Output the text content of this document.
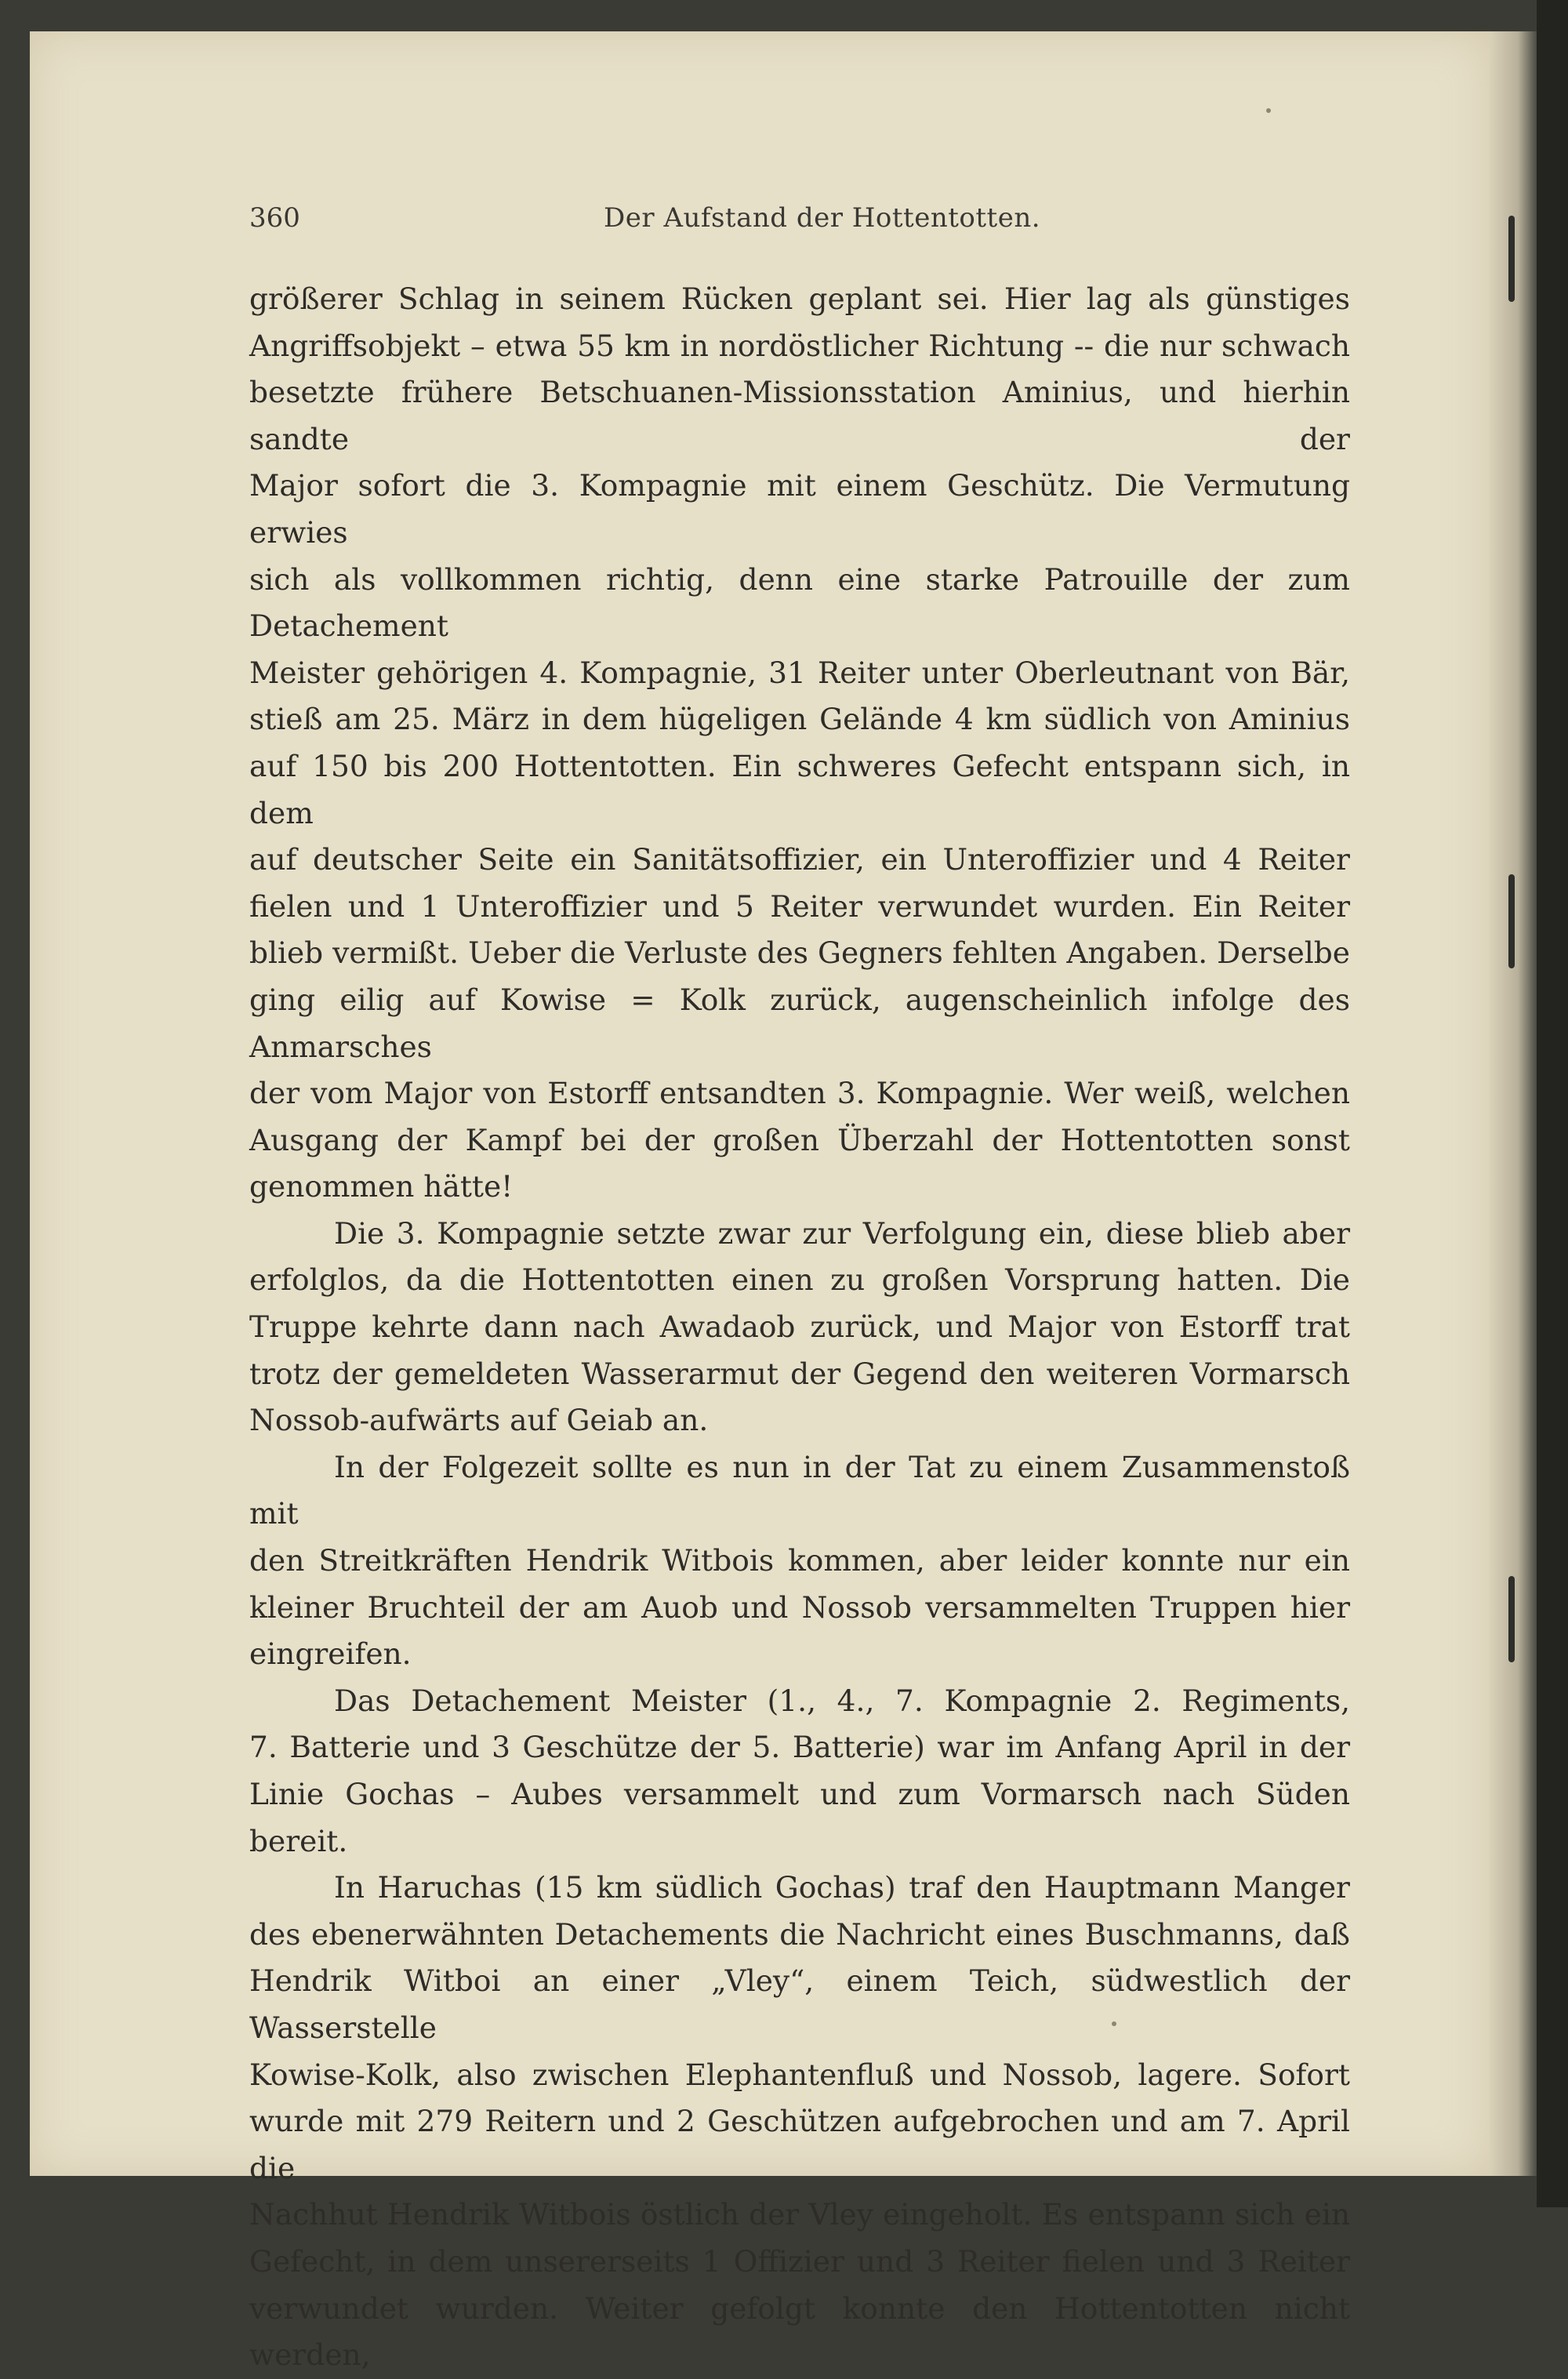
360	Der Aufstand der Hottentotten.

größerer Schlag in seinem Rücken geplant sei. Hier lag als günstiges

Angriffsobjekt – etwa 55 km in nordöstlicher Richtung -- die nur schwach

besetzte frühere Betschuanen-Missionsstation Aminius, und hierhin sandte der

Major sofort die 3. Kompagnie mit einem Geschütz. Die Vermutung erwies

sich als vollkommen richtig, denn eine starke Patrouille der zum Detachement

Meister gehörigen 4. Kompagnie, 31 Reiter unter Oberleutnant von Bär,

stieß am 25. März in dem hügeligen Gelände 4 km südlich von Aminius

auf 150 bis 200 Hottentotten. Ein schweres Gefecht entspann sich, in dem

auf deutscher Seite ein Sanitätsoffizier, ein Unteroffizier und 4 Reiter

fielen und 1 Unteroffizier und 5 Reiter verwundet wurden. Ein Reiter

blieb vermißt. Ueber die Verluste des Gegners fehlten Angaben. Derselbe

ging eilig auf Kowise = Kolk zurück, augenscheinlich infolge des Anmarsches

der vom Major von Estorff entsandten 3. Kompagnie. Wer weiß, welchen

Ausgang der Kampf bei der großen Überzahl der Hottentotten sonst

genommen hätte!

Die 3. Kompagnie setzte zwar zur Verfolgung ein, diese blieb aber

erfolglos, da die Hottentotten einen zu großen Vorsprung hatten. Die

Truppe kehrte dann nach Awadaob zurück, und Major von Estorff trat

trotz der gemeldeten Wasserarmut der Gegend den weiteren Vormarsch

Nossob-aufwärts auf Geiab an.

In der Folgezeit sollte es nun in der Tat zu einem Zusammenstoß mit

den Streitkräften Hendrik Witbois kommen, aber leider konnte nur ein

kleiner Bruchteil der am Auob und Nossob versammelten Truppen hier

eingreifen.

Das Detachement Meister (1., 4., 7. Kompagnie 2. Regiments,

7. Batterie und 3 Geschütze der 5. Batterie) war im Anfang April in der

Linie Gochas – Aubes versammelt und zum Vormarsch nach Süden bereit.

In Haruchas (15 km südlich Gochas) traf den Hauptmann Manger

des ebenerwähnten Detachements die Nachricht eines Buschmanns, daß

Hendrik Witboi an einer „Vley“, einem Teich, südwestlich der Wasserstelle

Kowise-Kolk, also zwischen Elephantenfluß und Nossob, lagere. Sofort

wurde mit 279 Reitern und 2 Geschützen aufgebrochen und am 7. April die

Nachhut Hendrik Witbois östlich der Vley eingeholt. Es entspann sich ein

Gefecht, in dem unsererseits 1 Offizier und 3 Reiter fielen und 3 Reiter

verwundet wurden. Weiter gefolgt konnte den Hottentotten nicht werden,
